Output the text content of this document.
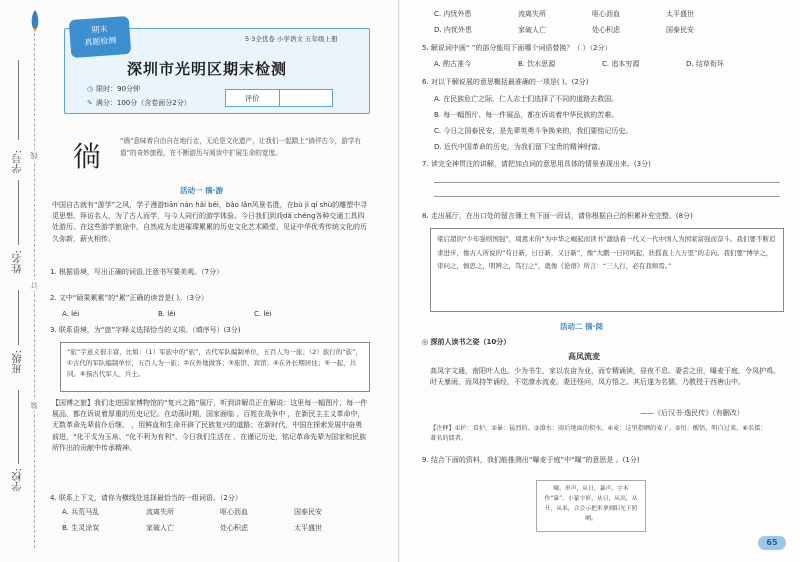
学号:
姓名:
班级:
学校:
线
订
装
5·3全优卷 小学语文 五年级上册
深圳市光明区期末检测
◷ 限时：90分钟
✎ 满分：100分（含卷面分2分）	评价
期末
真题检测
徜	“徜”意味着自由自在地行走，无论是文化遗产，让我们一起踏上“徜徉古今，游学有道”的奇妙旅程，在不断游历与阅读中扩展生命的宽度。
活动一 徜·游
中国自古就有“游学”之风，学子漫游tiān nán hǎi běi，bǎo lǎn风景名胜，在bù jì qí shù的雕塑中寻觅思想，拜访名人，为了古人而学，与今人同行的游学体验。今日我们到戏dǎ chéng各种交通工具四处游历。在这些游学旅途中，自然成为走进璀璨累累的历史文化艺术殿堂，见证中华优秀传统文化的历久弥新，薪火相传。
1. 根据语境，写出正确的词语,注意书写要美观。（7分）
2. 文中“硕果累累”的“累”正确的读音是( )。（3分）
A. léi	B. lěi	C. lèi
3. 联系语境，为“旅”字释义选择恰当的义项。（填序号）(3分)
“旅”字意义很丰富，比如：（1）军旅中的“旅”，古代军队编制单位，五百人为一旅；（2）旅行的“旅”，
①古代的军队编制单位，五百人为一旅；②在外地做客；③旅馆、宾馆；④在外长期居住；⑤一起，共同。⑥指古代军人、兵士。
【国博之旅】我们走进国家博物馆的“复兴之路”展厅，听到讲解员正在解说：这里每一幅图片，每一件展品，都在诉说着厚重的历史记忆。在动荡时期，国家面临 ，百姓在战争中 ，在新民主主义革命中，无数革命先辈前仆后继， ，用鲜血和生命开辟了民族复兴的道路；在新时代，中国在探索发展中奋勇前进，“化干戈为玉帛、“化不利为有利”，今日我们生活在 ，在谨记历史，铭记革命先辈为国家和民族所作出的贡献中传承精神。
4. 联系上下文，请你为横线处选择最恰当的一组词语。（2分）
A. 兵荒马乱	流离失所	呕心沥血	国泰民安
B. 生灵涂炭	家破人亡	处心积虑	太平盛世
C. 内忧外患	流离失所	呕心沥血	太平盛世
D. 内忧外患	家破人亡	处心积虑	国泰民安
5. 解说词中画“ ”的部分能用下面哪个词语替换？（ ）（2分）
A. 酌古准今	B. 饮水思源	C. 追本穷源	D. 结草衔环
6. 对以下解说展的意思概括最准确的一项是( )。(2分)
A. 在民族危亡之际，仁人志士们选择了不同的道路去救国。
B. 每一幅图片、每一件展品，都在诉说着中华民族的苦难。
C. 今日之国泰民安，是先辈英勇斗争换来的，我们要铭记历史。
D. 近代中国革命的历史，为我们留下宝贵的精神财富。
7. 读完全神贯注的讲解，请把加点词的意思用具体的情景表现出来。(3分)
8. 走出展厅，在出口处的留言簿上有下面一段话，请你根据自己的积累补充完整。(8分)
梁启超的“少年强则国强”，周恩来的“为中华之崛起而读书”激励着一代又一代中国人为国家富强而奋斗。我们要不断追求进步，像古人所说的“苟日新，日日新，又日新”，像“大鹏一日同风起，扶摇直上九万里”的志向。我们要“博学之，审问之，慎思之，明辨之，笃行之”，就像《论语》所言：“三人行，必有我师焉。”
活动二 徜·阅
◎ 探前人读书之姿（10分）
高凤流麦
高凤字文通，南阳叶人也。少为书生，家以农亩为业，而专精诵读，昼夜不息。妻尝之田，曝麦于庭，令凤护鸡。时天暴雨，而凤持竿诵经，不觉潦水流麦。妻还怪问，凤方悟之。其后遂为名儒，乃教授于西唐山中。
——《后汉书·逸民传》（有删改）
【注释】①护：看护。②暴：猛烈的。③潦水：雨后地面的积水。④麦：这里指晒的麦子。⑤悟：醒悟，明白过来。⑥名儒：著名的儒者。
9. 结合下面的资料，我们能推测出“曝麦于庭”中“曝”的意思是 。(1分)
65
曝，形声，从日，暴声。字本作“暴”，小篆字形，从日，从出，从廾，从米，合会示把米拿到阳光下照晒。
